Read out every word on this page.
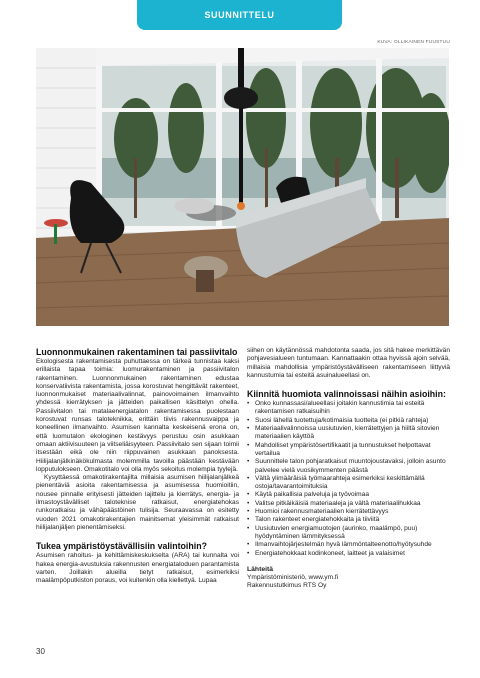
SUUNNITTELU
KUVA: OLLIKAINEN FUUSTUU
Luonnonmukainen rakentaminen tai passiivitalo

Ekologisesta rakentamisesta puhuttaessa on tärkeä tunnistaa kaksi erillaista tapaa toimia: luomurakentaminen ja passiivitalon rakentaminen. Luonnonmukainen rakentaminen edustaa konservatiivista rakentamista, jossa korostuvat hengittävät rakenteet, luonnonmukaiset materiaalivalinnat, painovoimainen ilmanvaihto yhdessä kierrätyksen ja jätteiden paikallisen käsittelyn ohella. Passiivitalon tai matalaenergiatalon rakentamisessa puolestaan korostuvat runsas taloteknikka, erittäin tiivis rakennusvaippa ja koneellinen ilmanvaihto. Asumisen kannalta keskeisenä erona on, että luomutalon ekologinen kestävyys perustuu osin asukkaan omaan aktiivisuuteen ja viitseliäisyyteen. Passiivitalo sen sijaan toimii itsestään eikä ole niin riippuvainen asukkaan panoksesta. Hiilijalanjälkinäkökulmasta molemmilla tavoilla päästään kestävään lopputulokseen. Omakotitalo voi olla myös sekoitus molempia tyylejä.

Kysyttäessä omakotirakentajilta millaisia asumisen hiilijalanjälkeä pienentäviä asioita rakentamisessa ja asumisessa huomioitiin, nousee pinnalle erityisesti jätteiden lajittelu ja kierrätys, energia- ja ilmastoystävälliset taloteknise ratkaisut, energiatehokas runkoratkaisu ja vähäpäästöinen tulisija. Seuraavassa on esitetty vuoden 2021 omakotirakentajien mainitsemat yleisimmät ratkaisut hiilijalanjäljen pienentämiseksi.

Tukea ympäristöystävällisiin valintoihin?

Asumisen rahoitus- ja kehittämiskeskukselta (ARA) tai kunnalta voi hakea energia-avustuksia rakennusten energiataloduen parantamista varten. Joillakin alueilla tietyt ratkaisut, esimerkiksi maalämpöputkiston poraus, voi kuitenkin olla kiellettyä. Lupaa

siihen on käytännössä mahdotonta saada, jos sitä hakee merkittävän pohjavesialueen tuntumaan. Kannattaakin ottaa hyvissä ajoin selvää, millaisia mahdollisia ympäristöystävälliseen rakentamiseen liittyviä kannustumia tai esteitä asuinalueellasi on.

Kiinnitä huomiota valinnoissasi näihin asioihin:
• Onko kunnassasi/alueellasi joitakin kannustimia tai esteitä rakentamisen ratkaisuihin
• Suosi lähellä tuotettuja/kotimaisia tuotteita (ei pitkiä rahteja)
• Materiaalivalinnoissa uusiutuvien, kierrätettyjen ja hiiltä sitovien materiaalien käyttöä
• Mahdolliset ympäristösertifikaatit ja tunnustukset helpottavat vertailua
• Suunnittele talon pohjaratkaisut muuntojoustavaksi, jolloin asunto palvelee vielä vuosikymmenten päästä
• Vältä ylimääräisiä työmaarahteja esimerkiksi keskittämällä ostoja/tavarantoimituksia
• Käytä paikallisia palveluja ja työvoimaa
• Valitse pitkäikäisiä materiaaleja ja vältä materiaalihukkaa
• Huomioi rakennusmateriaalien kierrätettävyys
• Talon rakenteet energiatehokkaita ja tiiviitä
• Uusiutuvien energiamuotojen (aurinko, maalämpö, puu) hyödyntäminen lämmityksessä
• Ilmanvaihtojärjestelmän hyvä lämmöntalteenotto/hyötysuhde
• Energiatehokkaat kodinkoneet, laitteet ja valaisimet
Lähteitä
Ympäristöministeriö, www.ym.fi
Rakennustutkimus RTS Oy
30
